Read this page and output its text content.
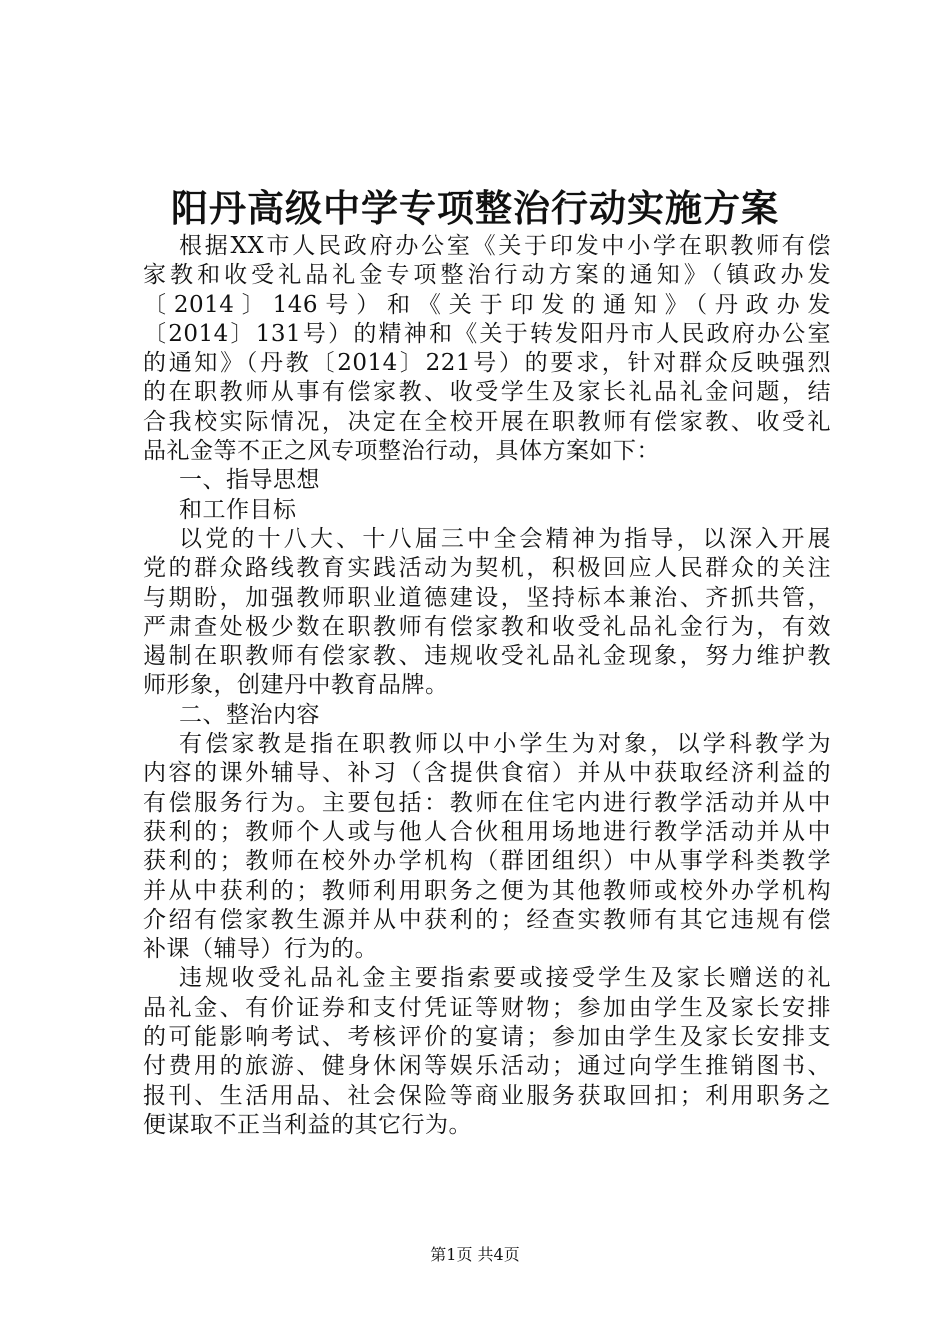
阳丹高级中学专项整治行动实施方案
根据XX市人民政府办公室《关于印发中小学在职教师有偿
家教和收受礼品礼金专项整治行动方案的通知》（镇政办发
〔2014〕146号）和《关于印发的通知》（丹政办发
〔2014〕131号）的精神和《关于转发阳丹市人民政府办公室
的通知》（丹教〔2014〕221号）的要求，针对群众反映强烈
的在职教师从事有偿家教、收受学生及家长礼品礼金问题，结
合我校实际情况，决定在全校开展在职教师有偿家教、收受礼
品礼金等不正之风专项整治行动，具体方案如下：
一、指导思想
和工作目标
以党的十八大、十八届三中全会精神为指导，以深入开展
党的群众路线教育实践活动为契机，积极回应人民群众的关注
与期盼，加强教师职业道德建设，坚持标本兼治、齐抓共管，
严肃查处极少数在职教师有偿家教和收受礼品礼金行为，有效
遏制在职教师有偿家教、违规收受礼品礼金现象，努力维护教
师形象，创建丹中教育品牌。
二、整治内容
有偿家教是指在职教师以中小学生为对象，以学科教学为
内容的课外辅导、补习（含提供食宿）并从中获取经济利益的
有偿服务行为。主要包括：教师在住宅内进行教学活动并从中
获利的；教师个人或与他人合伙租用场地进行教学活动并从中
获利的；教师在校外办学机构（群团组织）中从事学科类教学
并从中获利的；教师利用职务之便为其他教师或校外办学机构
介绍有偿家教生源并从中获利的；经查实教师有其它违规有偿
补课（辅导）行为的。
违规收受礼品礼金主要指索要或接受学生及家长赠送的礼
品礼金、有价证券和支付凭证等财物；参加由学生及家长安排
的可能影响考试、考核评价的宴请；参加由学生及家长安排支
付费用的旅游、健身休闲等娱乐活动；通过向学生推销图书、
报刊、生活用品、社会保险等商业服务获取回扣；利用职务之
便谋取不正当利益的其它行为。
第1页 共4页
